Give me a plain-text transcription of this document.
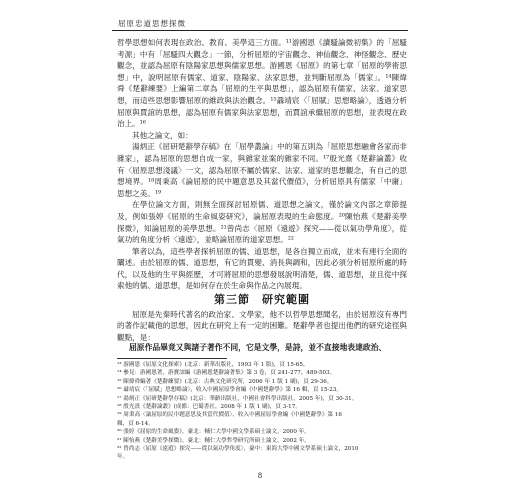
屈原忠道思想探微

哲學思想如何表現在政治、教育、美學這三方面。¹¹游國恩《讀騷論微初集》的「屈騷考源」中有「屈騷四大觀念」一節，分析屈原的宇宙觀念、神仙觀念、神怪觀念、歷史觀念，並認為屈原有陰陽家思想與儒家思想。游國恩《屈原》的第七章「屈原的學術思想」中，說明屈原有儒家、道家、陰陽家、法家思想，並判斷屈原為「儒家」。¹⁴陳煒舜《楚辭練要》上編第二章為「屈原的生平與思想」，認為屈原有儒家、法家、道家思想，而這些思想影響屈原的維政與法治觀念。¹⁵聶靖宸〈「屈賦」思想略論〉，透過分析屈原與賈誼的思想，認為屈原有儒家與法家思想，而賈誼承繼屈原的思想，並表現在政治上。¹⁶

其他之論文，如：

湯炳正《屈研楚辭學存稿》在「屈學叢論」中的第五則為「屈原思想融會各家而非雜家」，認為屈原的思想自成一家，與雜家並案的雜家不同。¹⁷殷光熹《楚辭論叢》收有〈屈原思想淺議〉一文，認為屈原不屬於儒家、法家、道家的思想觀念，有自己的思想境界。¹⁸周秉高《論屈原的民中題意思及其當代價值》，分析屈原具有儒家「中庸」思想之美。¹⁹

在學位論文方面，則無全面探討屈原儒、道思想之論文，僅於論文內部之章節提及，例如張婷《屈原的生命風姿研究》，論屈原表現的生命態度。²⁰陳怡燕《楚辭美學探微》，知論屈原的美學思想。²¹曾尚志〈屈原《遠遊》探究——從以氣功學角度〉，從氣功的角度分析〈遠遊〉，並略論屈原的道家思想。²²

筆者以為，這些學者探析屈原的儒、道思想，是各自獨立而成，並未有連行全面的闡述。由於屈原的儒、道思想，有它的貫變、消長與調和，因此必須分析屈原所處的時代，以及他的生平與經歷，才可將屈原的思想發展說明清楚，儒、道思想，並且從中探索他的儒、道思想，是如何存在於生命與作品之內展現。

第三節　研究範圍

屈原是先秦時代著名的政治家、文學家，他不以哲學思想聞名，由於屈原沒有專門的著作記載他的思想，因此在研究上有一定的困難。楚辭學者也提出他們的研究途徑與觀點，是：

屈原作品畢竟又與諸子著作不同，它是文學，是詩，並不直接地表達政治、
¹³ 游國恩《屈原文化探索》(北京：新華出版社，1993 年 1 版)，頁 15-65。
¹⁴ 參見：游國恩著，游寶諒編《游國恩楚辭論著集》第 3 卷，頁 241-277，489-503。
¹⁵ 陳煒舜編著《楚辭練要》(北京：古典文化研究所，2006 年 1 版 1 刷)，頁 29-36。
¹⁶ 聶靖宸〈「屈賦」思想略論〉，收入中國屈原學會編《中國楚辭學》第 16 輯，頁 15-23。
¹⁷ 湯炳正《屈研楚辭學存稿》(北京：華齡出版社，中國社會科學出版社，2005 年)，頁 30-31。
¹⁸ 殷光熹《楚辭論叢》(成都：巴蜀書社，2008 年 1 版 1 刷)，頁 3-17。
¹⁹ 周秉高〈論屈原的民中題意思及其當代價值〉，收入中國屈原學會編《中國楚辭學》第 16
輯，頁 6-14。
²⁰ 張婷《屈原的生命風姿》，臺北：輔仁大學中國文學系碩士論文，2000 年。
²¹ 陳怡燕《楚辭美學探微》，臺北：輔仁大學哲學研究所碩士論文，2002 年。
²² 曾尚志〈屈原《遠遊》探究——從以氣功學角度〉，臺中：東海大學中國文學系碩士論文，2010
年。
8
